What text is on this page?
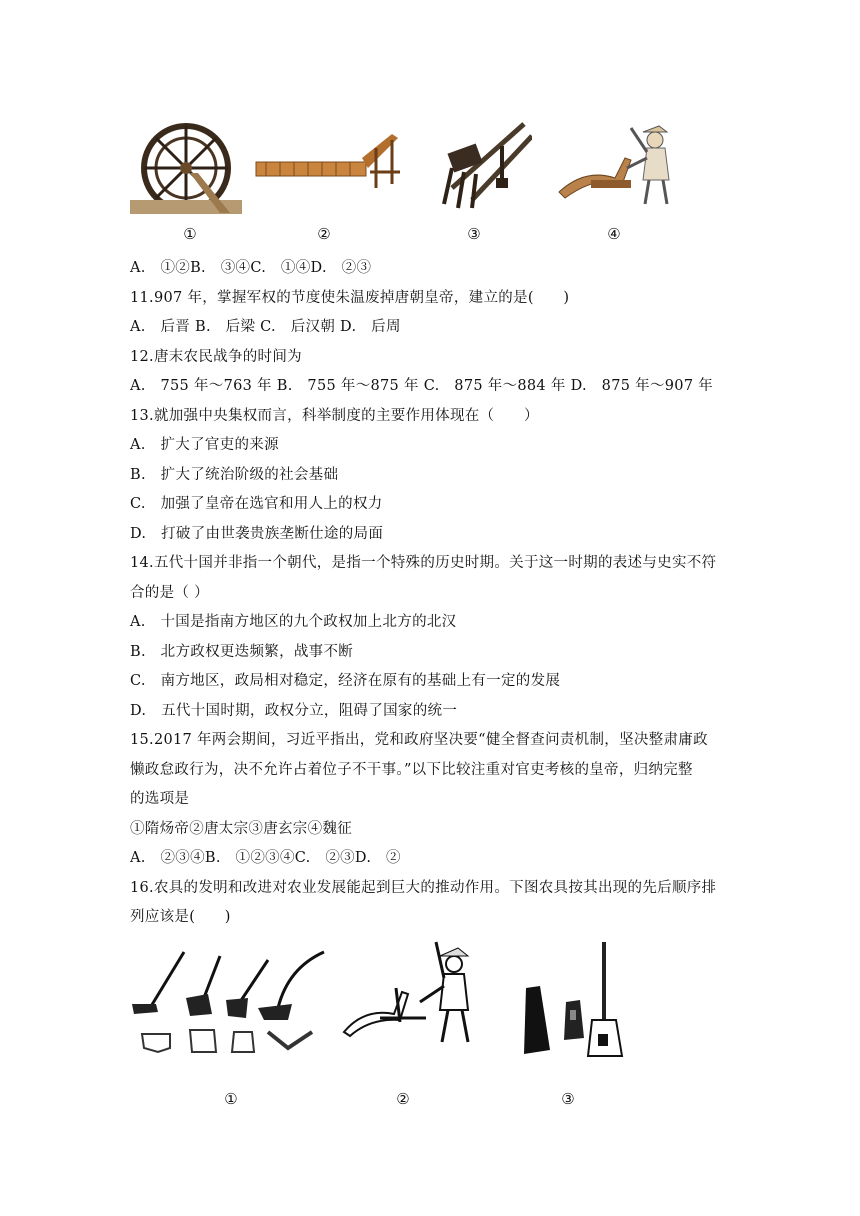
①	②	③	④
A.　①②B.　③④C.　①④D.　②③
11.907 年，掌握军权的节度使朱温废掉唐朝皇帝，建立的是(　　)
A.　后晋 B.　后梁 C.　后汉朝 D.　后周
12.唐末农民战争的时间为
A.　755 年～763 年 B.　755 年～875 年 C.　875 年～884 年 D.　875 年～907 年
13.就加强中央集权而言，科举制度的主要作用体现在（　　）
A.　扩大了官吏的来源
B.　扩大了统治阶级的社会基础
C.　加强了皇帝在选官和用人上的权力
D.　打破了由世袭贵族垄断仕途的局面
14.五代十国并非指一个朝代，是指一个特殊的历史时期。关于这一时期的表述与史实不符
合的是（ ）
A.　十国是指南方地区的九个政权加上北方的北汉
B.　北方政权更迭频繁，战事不断
C.　南方地区，政局相对稳定，经济在原有的基础上有一定的发展
D.　五代十国时期，政权分立，阻碍了国家的统一
15.2017 年两会期间，习近平指出，党和政府坚决要“健全督查问责机制，坚决整肃庸政
懒政怠政行为，决不允许占着位子不干事。”以下比较注重对官吏考核的皇帝，归纳完整
的选项是
①隋炀帝②唐太宗③唐玄宗④魏征
A.　②③④B.　①②③④C.　②③D.　②
16.农具的发明和改进对农业发展能起到巨大的推动作用。下图农具按其出现的先后顺序排
列应该是(　　)
①	②	③
